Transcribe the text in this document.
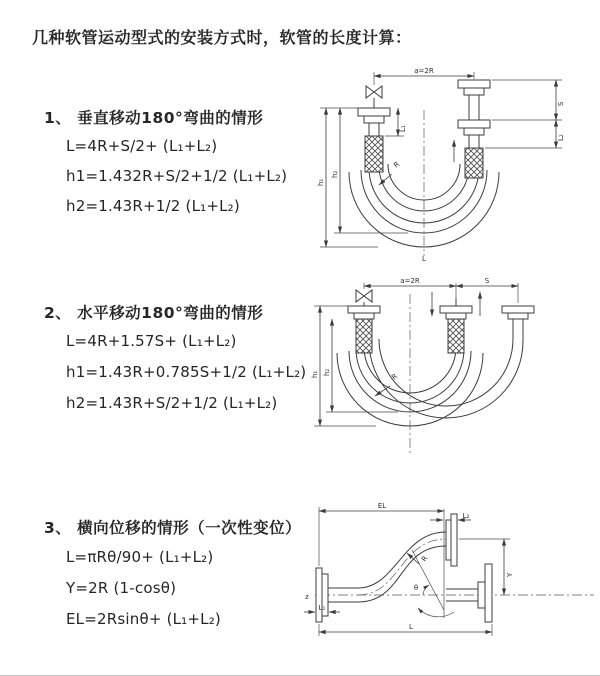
几种软管运动型式的安装方式时，软管的长度计算：
1、 垂直移动180°弯曲的情形
L=4R+S/2+ (L₁+L₂)
h1=1.432R+S/2+1/2 (L₁+L₂)
h2=1.43R+1/2 (L₁+L₂)
a=2R
L₁
S
L₂
h₁
h₂
R
L
2、 水平移动180°弯曲的情形
L=4R+1.57S+ (L₁+L₂)
h1=1.43R+0.785S+1/2 (L₁+L₂)
h2=1.43R+S/2+1/2 (L₁+L₂)
a=2R	S
h₁ h₂	R
3、 横向位移的情形（一次性变位）
L=πRθ/90+ (L₁+L₂)
Y=2R (1-cosθ)
EL=2Rsinθ+ (L₁+L₂)
z
EL
L₂
Y
L
L₁
θ
R
